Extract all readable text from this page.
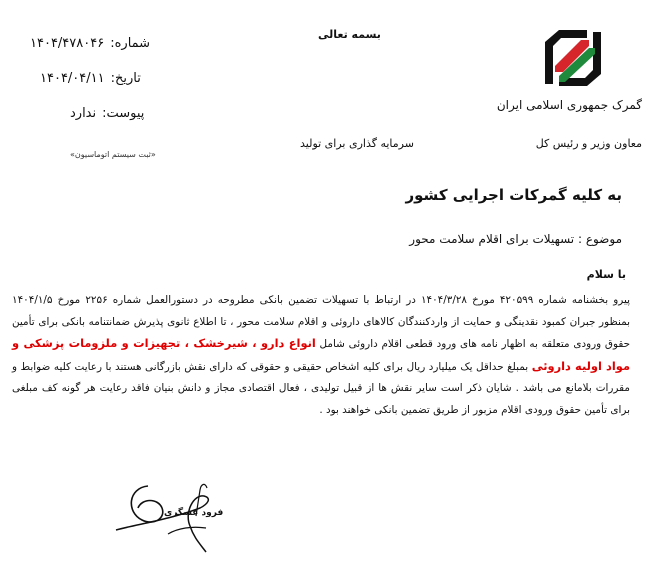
شماره:
۱۴۰۴/۴۷۸۰۴۶
تاریخ:
۱۴۰۴/۰۴/۱۱
پیوست:
ندارد
«ثبت سیستم اتوماسیون»
بسمه تعالی
سرمایه گذاری برای تولید
گمرک جمهوری اسلامی ایران
معاون وزیر و رئیس کل
به کلیه گمرکات اجرایی کشور
موضوع : تسهیلات برای اقلام سلامت محور
با سلام
پیرو بخشنامه شماره ۴۲۰۵۹۹ مورخ ۱۴۰۴/۳/۲۸ در ارتباط با تسهیلات تضمین بانکی مطروحه در دستورالعمل شماره ۲۲۵۶ مورخ ۱۴۰۴/۱/۵ بمنظور جبران کمبود نقدینگی و حمایت از واردکنندگان کالاهای داروئی و اقلام سلامت محور ، تا اطلاع ثانوی پذیرش ضمانتنامه بانکی برای تأمین حقوق ورودی متعلقه به اظهار نامه های ورود قطعی اقلام داروئی شامل انواع دارو ، شیرخشک ، تجهیزات و ملزومات پزشکی و مواد اولیه داروئی بمبلغ حداقل یک میلیارد ریال برای کلیه اشخاص حقیقی و حقوقی که دارای نقش بازرگانی هستند با رعایت کلیه ضوابط و مقررات بلامانع می باشد . شایان ذکر است سایر نقش ها از قبیل تولیدی ، فعال اقتصادی مجاز و دانش بنیان فاقد رعایت هر گونه کف مبلغی برای تأمین حقوق ورودی اقلام مزبور از طریق تضمین بانکی خواهند بود .
فرود عسگری
